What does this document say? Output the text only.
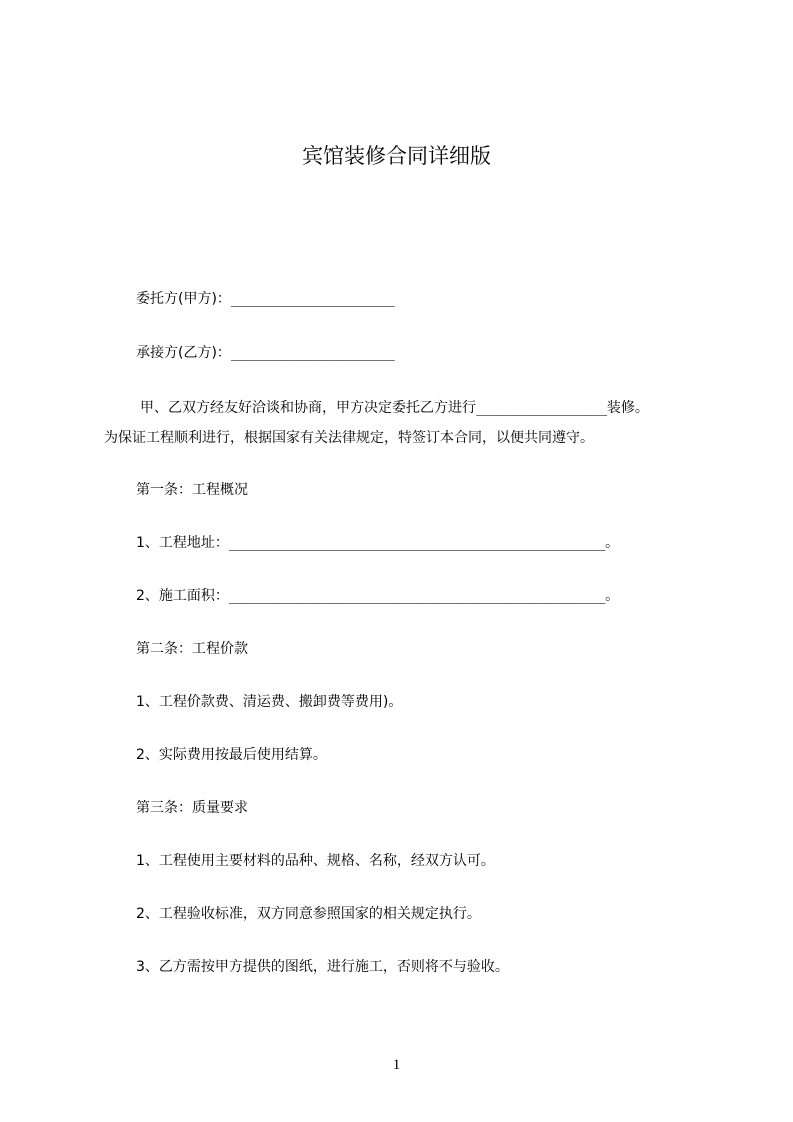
宾馆装修合同详细版
委托方(甲方)：____________________
承接方(乙方)：____________________
甲、乙双方经友好洽谈和协商，甲方决定委托乙方进行________________装修。
为保证工程顺利进行，根据国家有关法律规定，特签订本合同，以便共同遵守。
第一条：工程概况
1、工程地址：______________________________________________。
2、施工面积：______________________________________________。
第二条：工程价款
1、工程价款费、清运费、搬卸费等费用)。
2、实际费用按最后使用结算。
第三条：质量要求
1、工程使用主要材料的品种、规格、名称，经双方认可。
2、工程验收标准，双方同意参照国家的相关规定执行。
3、乙方需按甲方提供的图纸，进行施工，否则将不与验收。
1
